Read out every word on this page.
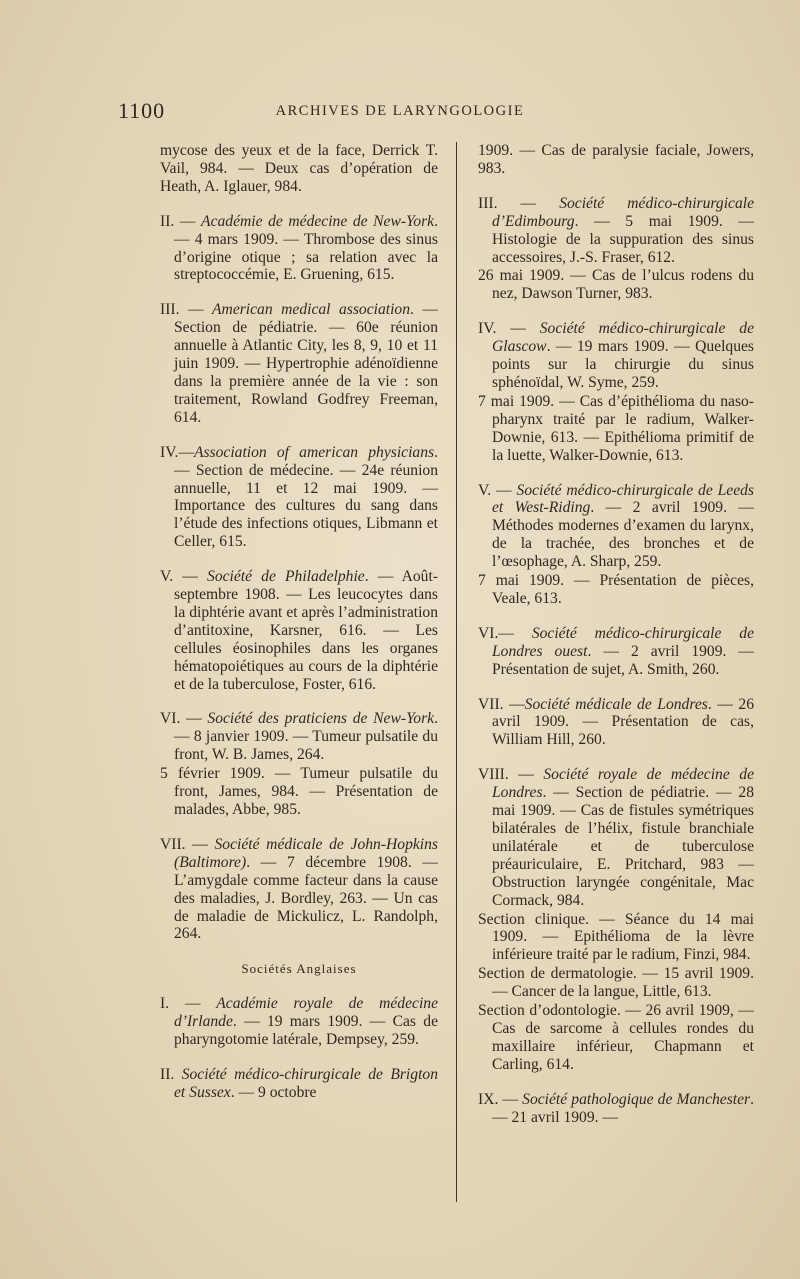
1100	ARCHIVES DE LARYNGOLOGIE

mycose des yeux et de la face, Derrick T. Vail, 984. — Deux cas d’opération de Heath, A. Iglauer, 984.

II. — Académie de médecine de New-York. — 4 mars 1909. — Thrombose des sinus d’origine otique ; sa relation avec la streptococcémie, E. Gruening, 615.

III. — American medical association. — Section de pédiatrie. — 60e réunion annuelle à Atlantic City, les 8, 9, 10 et 11 juin 1909. — Hypertrophie adénoïdienne dans la première année de la vie : son traitement, Rowland Godfrey Freeman, 614.

IV.—Association of american physicians. — Section de médecine. — 24e réunion annuelle, 11 et 12 mai 1909. — Importance des cultures du sang dans l’étude des infections otiques, Libmann et Celler, 615.

V. — Société de Philadelphie. — Août-septembre 1908. — Les leucocytes dans la diphtérie avant et après l’administration d’antitoxine, Karsner, 616. — Les cellules éosinophiles dans les organes hématopoiétiques au cours de la diphtérie et de la tuberculose, Foster, 616.

VI. — Société des praticiens de New-York. — 8 janvier 1909. — Tumeur pulsatile du front, W. B. James, 264.

5 février 1909. — Tumeur pulsatile du front, James, 984. — Présentation de malades, Abbe, 985.

VII. — Société médicale de John-Hopkins (Baltimore). — 7 décembre 1908. — L’amygdale comme facteur dans la cause des maladies, J. Bordley, 263. — Un cas de maladie de Mickulicz, L. Randolph, 264.

Sociétés Anglaises

I. — Académie royale de médecine d’Irlande. — 19 mars 1909. — Cas de pharyngotomie latérale, Dempsey, 259.

II. Société médico-chirurgicale de Brigton et Sussex. — 9 octobre

1909. — Cas de paralysie faciale, Jowers, 983.

III. — Société médico-chirurgicale d’Edimbourg. — 5 mai 1909. — Histologie de la suppuration des sinus accessoires, J.-S. Fraser, 612.

26 mai 1909. — Cas de l’ulcus rodens du nez, Dawson Turner, 983.

IV. — Société médico-chirurgicale de Glascow. — 19 mars 1909. — Quelques points sur la chirurgie du sinus sphénoïdal, W. Syme, 259.

7 mai 1909. — Cas d’épithélioma du naso-pharynx traité par le radium, Walker-Downie, 613. — Epithélioma primitif de la luette, Walker-Downie, 613.

V. — Société médico-chirurgicale de Leeds et West-Riding. — 2 avril 1909. — Méthodes modernes d’examen du larynx, de la trachée, des bronches et de l’œsophage, A. Sharp, 259.

7 mai 1909. — Présentation de pièces, Veale, 613.

VI.— Société médico-chirurgicale de Londres ouest. — 2 avril 1909. — Présentation de sujet, A. Smith, 260.

VII. —Société médicale de Londres. — 26 avril 1909. — Présentation de cas, William Hill, 260.

VIII. — Société royale de médecine de Londres. — Section de pédiatrie. — 28 mai 1909. — Cas de fistules symétriques bilatérales de l’hélix, fistule branchiale unilatérale et de tuberculose préauriculaire, E. Pritchard, 983 — Obstruction laryngée congénitale, Mac Cormack, 984.

Section clinique. — Séance du 14 mai 1909. — Epithélioma de la lèvre inférieure traité par le radium, Finzi, 984.

Section de dermatologie. — 15 avril 1909. — Cancer de la langue, Little, 613.

Section d’odontologie. — 26 avril 1909, — Cas de sarcome à cellules rondes du maxillaire inférieur, Chapmann et Carling, 614.

IX. — Société pathologique de Manchester. — 21 avril 1909. —
